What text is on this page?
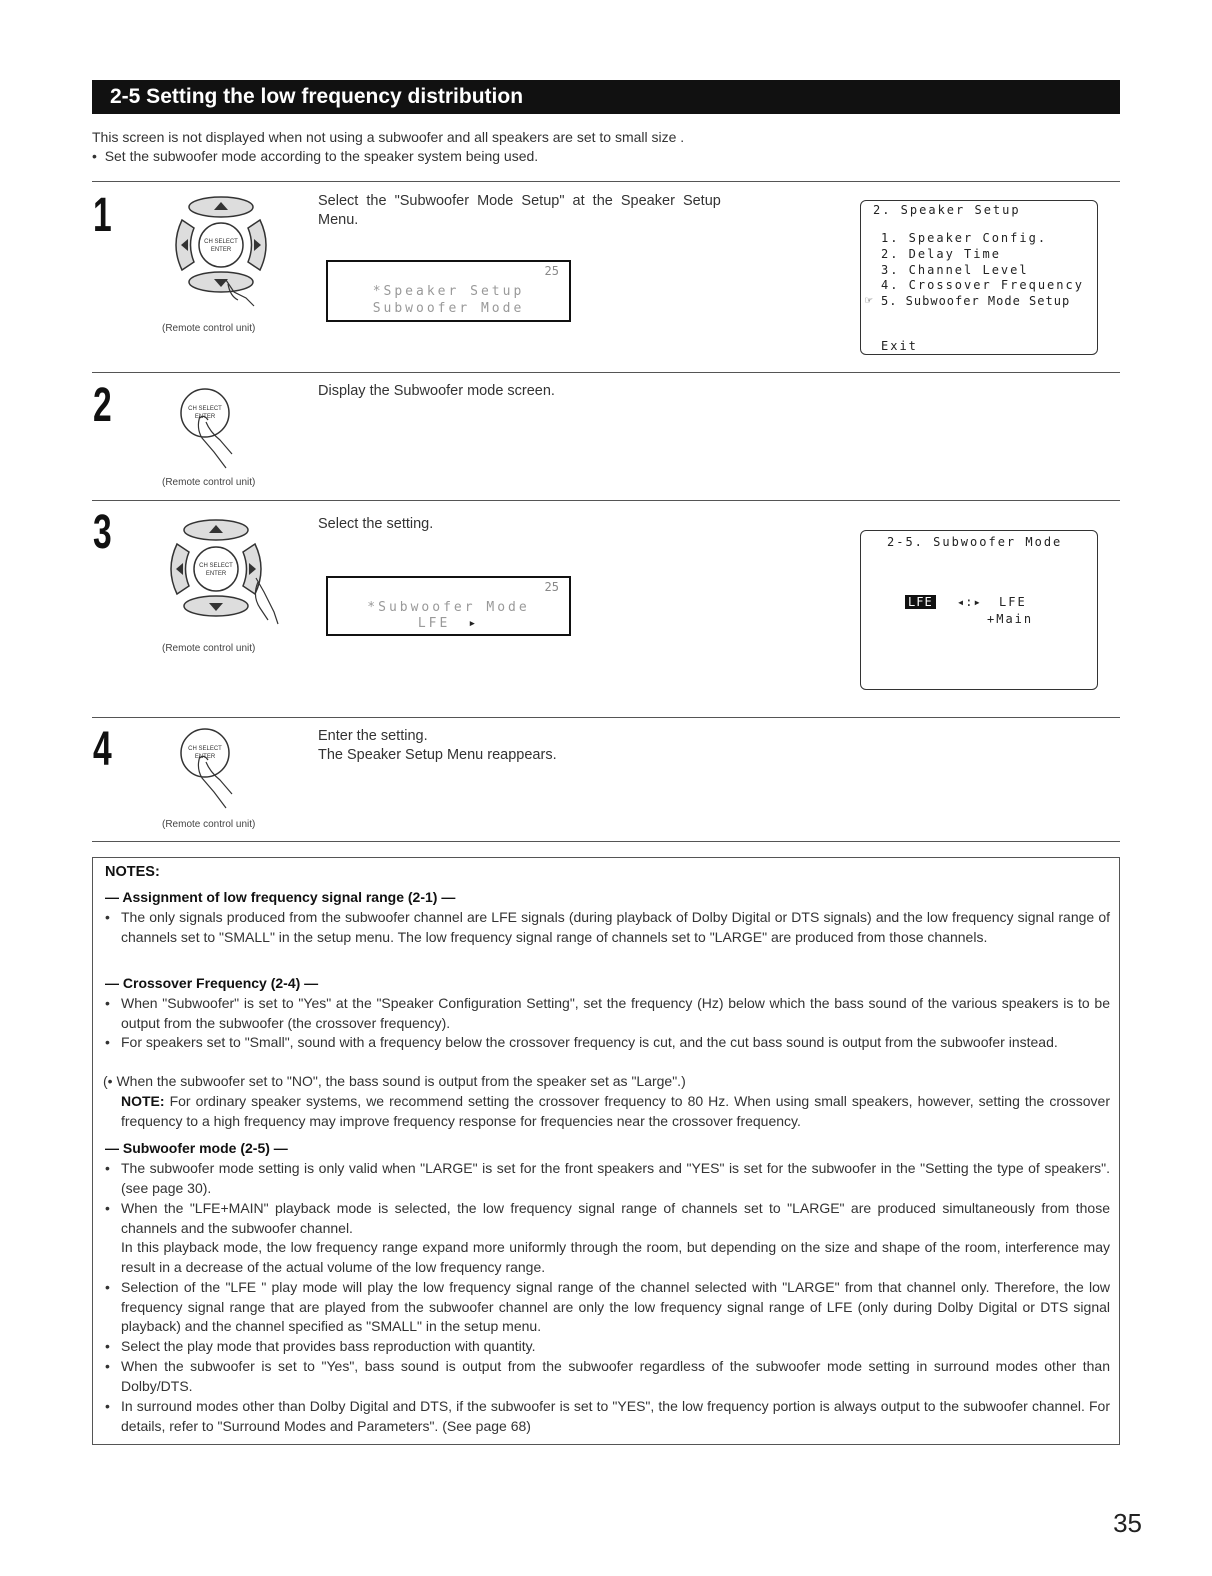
2-5 Setting the low frequency distribution
This screen is not displayed when not using a subwoofer and all speakers are set to small size .
•  Set the subwoofer mode according to the speaker system being used.
1	CH SELECT
ENTER
(Remote control unit)
Select  the  "Subwoofer  Mode  Setup"  at  the  Speaker  Setup
Menu.
25
*Speaker Setup
Subwoofer Mode
2. Speaker Setup
1. Speaker Config.
2. Delay Time
3. Channel Level
4. Crossover Frequency
☞ 5. Subwoofer Mode Setup
Exit
2	CH SELECT
ENTER
(Remote control unit)
Display the Subwoofer mode screen.
3
CH SELECT
ENTER
(Remote control unit)
Select the setting.
25
*Subwoofer Mode
LFE ▸
2-5. Subwoofer Mode
LFE ◂:▸ LFE
+Main
4	CH SELECT
ENTER
(Remote control unit)
Enter the setting.
The Speaker Setup Menu reappears.
NOTES:
— Assignment of low frequency signal range (2-1) —
• The only signals produced from the subwoofer channel are LFE signals (during playback of Dolby Digital or DTS signals) and the low frequency signal range of channels set to "SMALL" in the setup menu. The low frequency signal range of channels set to "LARGE" are produced from those channels.
— Crossover Frequency (2-4) —
• When "Subwoofer" is set to "Yes" at the "Speaker Configuration Setting", set the frequency (Hz) below which the bass sound of the various speakers is to be output from the subwoofer (the crossover frequency).
• For speakers set to "Small", sound with a frequency below the crossover frequency is cut, and the cut bass sound is output from the subwoofer instead.
(• When the subwoofer set to "NO", the bass sound is output from the speaker set as "Large".)
NOTE: For ordinary speaker systems, we recommend setting the crossover frequency to 80 Hz. When using small speakers, however, setting the crossover frequency to a high frequency may improve frequency response for frequencies near the crossover frequency.
— Subwoofer mode (2-5) —
• The subwoofer mode setting is only valid when "LARGE" is set for the front speakers and "YES" is set for the subwoofer in the "Setting the type of speakers". (see page 30).
• When the "LFE+MAIN" playback mode is selected, the low frequency signal range of channels set to "LARGE" are produced simultaneously from those channels and the subwoofer channel.
In this playback mode, the low frequency range expand more uniformly through the room, but depending on the size and shape of the room, interference may result in a decrease of the actual volume of the low frequency range.
• Selection of the "LFE " play mode will play the low frequency signal range of the channel selected with "LARGE" from that channel only. Therefore, the low frequency signal range that are played from the subwoofer channel are only the low frequency signal range of LFE (only during Dolby Digital or DTS signal playback) and the channel specified as "SMALL" in the setup menu.
• Select the play mode that provides bass reproduction with quantity.
• When the subwoofer is set to "Yes", bass sound is output from the subwoofer regardless of the subwoofer mode setting in surround modes other than Dolby/DTS.
• In surround modes other than Dolby Digital and DTS, if the subwoofer is set to "YES", the low frequency portion is always output to the subwoofer channel. For details, refer to "Surround Modes and Parameters". (See page 68)
35
